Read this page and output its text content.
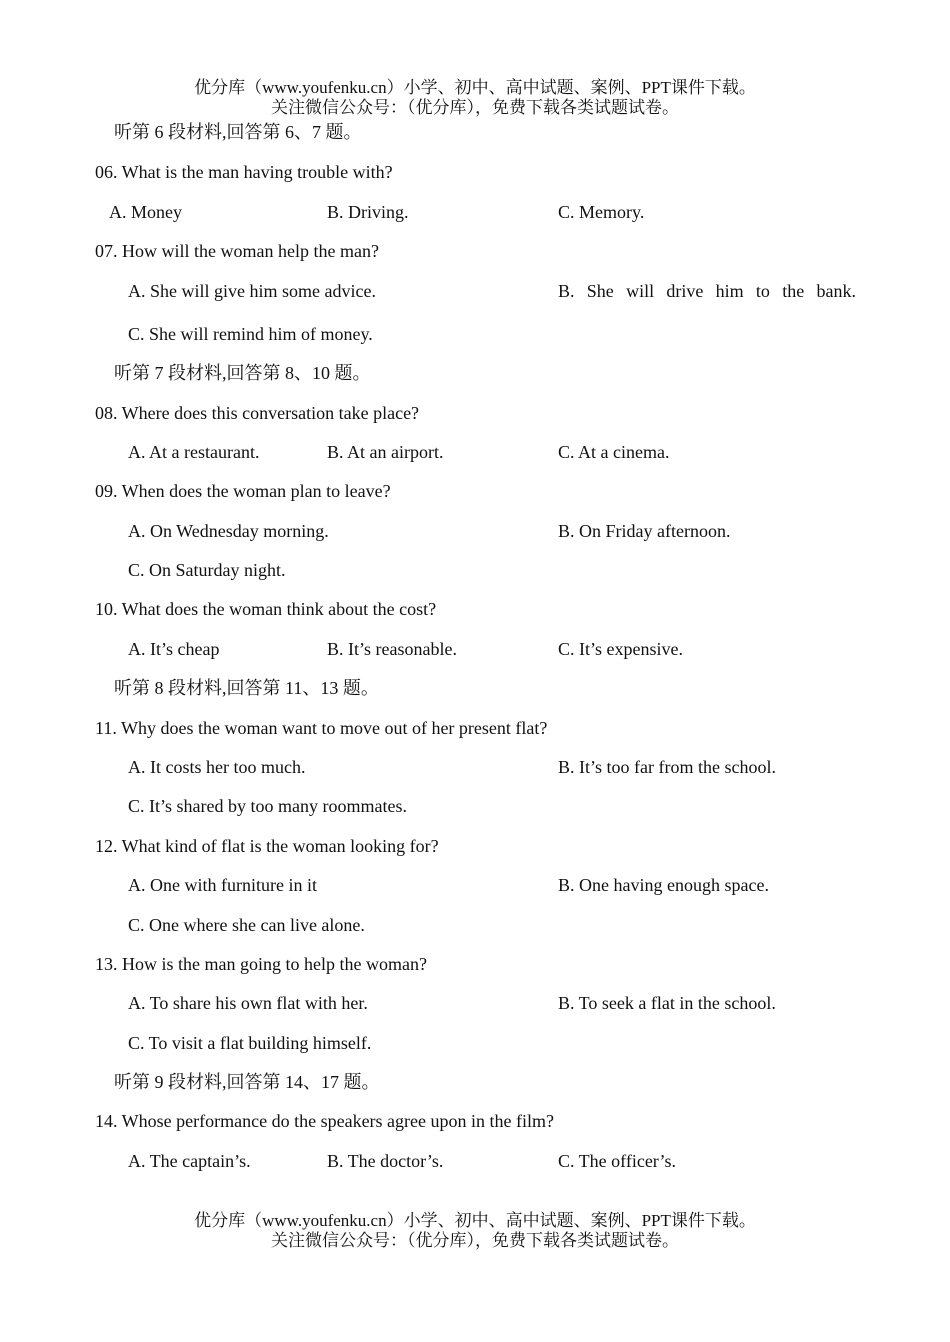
优分库（www.youfenku.cn）小学、初中、高中试题、案例、PPT课件下载。
关注微信公众号：（优分库），免费下载各类试题试卷。
听第 6 段材料,回答第 6、7 题。
06. What is the man having trouble with?
A. Money	B. Driving.	C. Memory.
07. How will the woman help the man?
A. She will give him some advice.	B. She will drive him to the bank.
C. She will remind him of money.
听第 7 段材料,回答第 8、10 题。
08. Where does this conversation take place?
A. At a restaurant.	B. At an airport.	C. At a cinema.
09. When does the woman plan to leave?
A. On Wednesday morning.	B. On Friday afternoon.
C. On Saturday night.
10. What does the woman think about the cost?
A. It’s cheap	B. It’s reasonable.	C. It’s expensive.
听第 8 段材料,回答第 11、13 题。
11. Why does the woman want to move out of her present flat?
A. It costs her too much.	B. It’s too far from the school.
C. It’s shared by too many roommates.
12. What kind of flat is the woman looking for?
A. One with furniture in it	B. One having enough space.
C. One where she can live alone.
13. How is the man going to help the woman?
A. To share his own flat with her.	B. To seek a flat in the school.
C. To visit a flat building himself.
听第 9 段材料,回答第 14、17 题。
14. Whose performance do the speakers agree upon in the film?
A. The captain’s.	B. The doctor’s.	C. The officer’s.
优分库（www.youfenku.cn）小学、初中、高中试题、案例、PPT课件下载。
关注微信公众号：（优分库），免费下载各类试题试卷。
